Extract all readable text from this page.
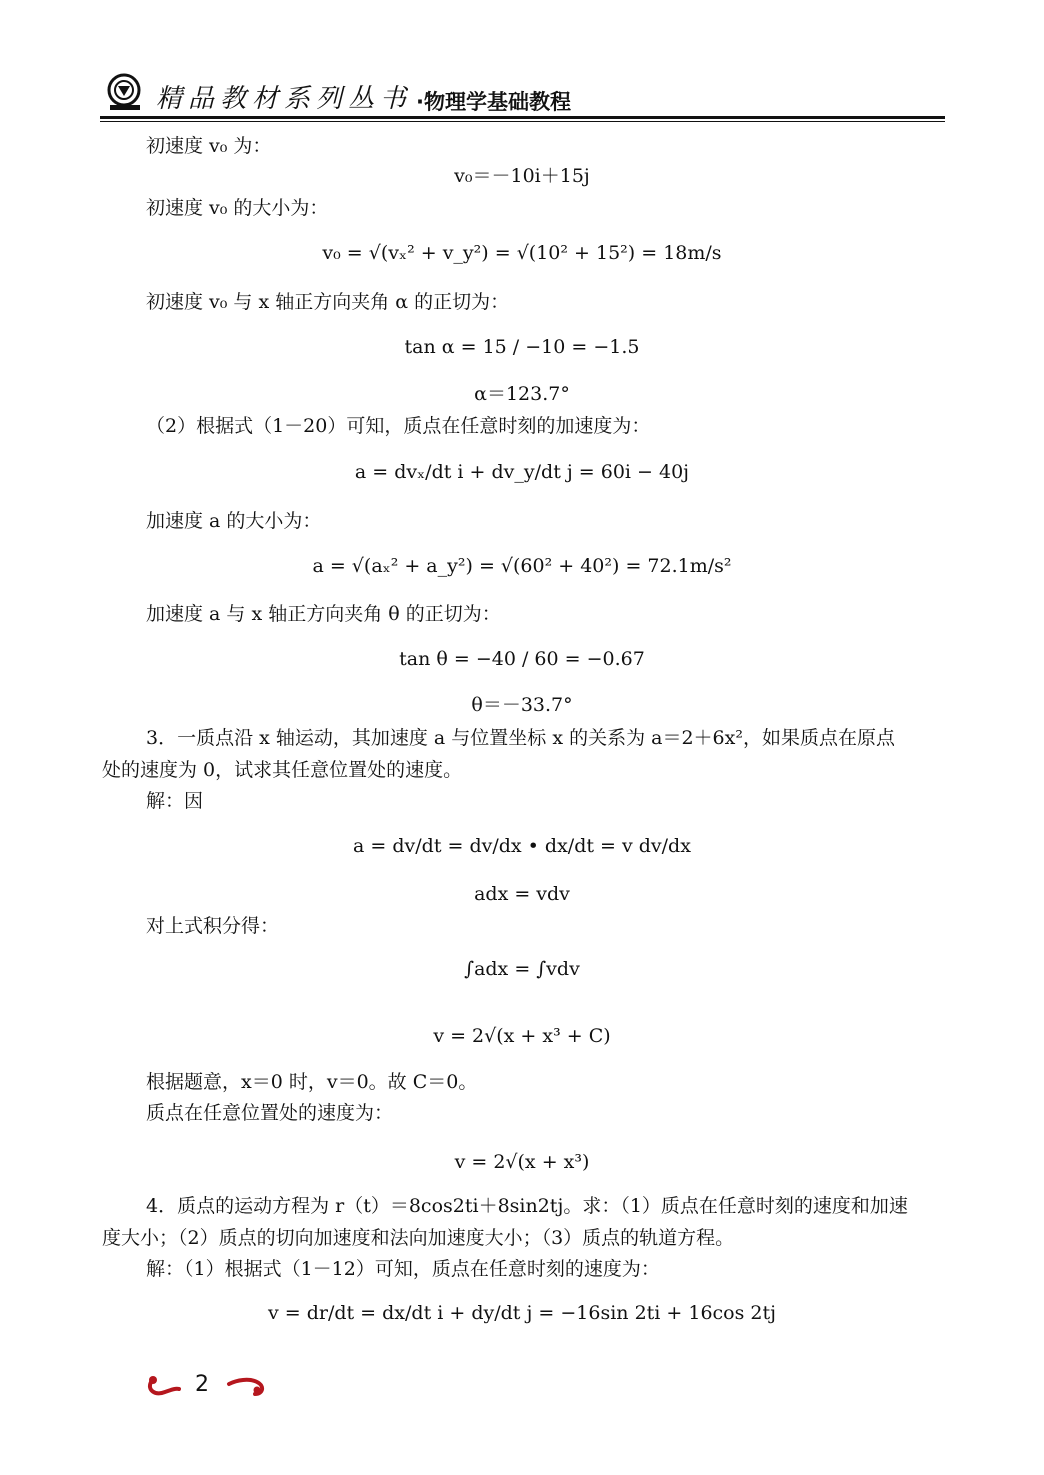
精品教材系列丛书 ·物理学基础教程
初速度 v₀ 为：
v₀＝－10i＋15j
初速度 v₀ 的大小为：
v₀ = √(vₓ² + v_y²) = √(10² + 15²) = 18m/s
初速度 v₀ 与 x 轴正方向夹角 α 的正切为：
tan α = 15 / −10 = −1.5
α＝123.7°
（2）根据式（1－20）可知，质点在任意时刻的加速度为：
a = dvₓ/dt i + dv_y/dt j = 60i − 40j
加速度 a 的大小为：
a = √(aₓ² + a_y²) = √(60² + 40²) = 72.1m/s²
加速度 a 与 x 轴正方向夹角 θ 的正切为：
tan θ = −40 / 60 = −0.67
θ＝－33.7°
3．一质点沿 x 轴运动，其加速度 a 与位置坐标 x 的关系为 a＝2＋6x²，如果质点在原点
处的速度为 0，试求其任意位置处的速度。
解：因
a = dv/dt = dv/dx • dx/dt = v dv/dx
adx = vdv
对上式积分得：
∫adx = ∫vdv
v = 2√(x + x³ + C)
根据题意，x＝0 时，v＝0。故 C＝0。
质点在任意位置处的速度为：
v = 2√(x + x³)
4．质点的运动方程为 r（t）＝8cos2ti＋8sin2tj。求：（1）质点在任意时刻的速度和加速
度大小；（2）质点的切向加速度和法向加速度大小；（3）质点的轨道方程。
解：（1）根据式（1－12）可知，质点在任意时刻的速度为：
v = dr/dt = dx/dt i + dy/dt j = −16sin 2ti + 16cos 2tj
2
